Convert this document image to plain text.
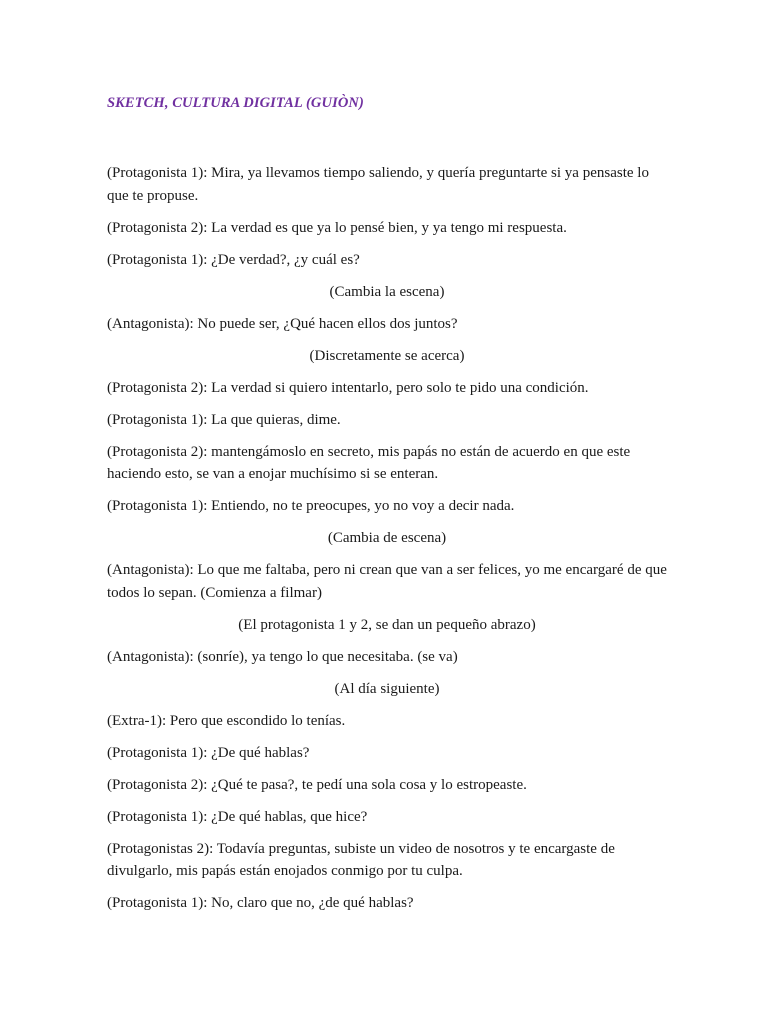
SKETCH, CULTURA DIGITAL (GUIÒN)

(Protagonista 1): Mira, ya llevamos tiempo saliendo, y quería preguntarte si ya pensaste lo que te propuse.

(Protagonista 2): La verdad es que ya lo pensé bien, y ya tengo mi respuesta.

(Protagonista 1): ¿De verdad?, ¿y cuál es?

(Cambia la escena)

(Antagonista): No puede ser, ¿Qué hacen ellos dos juntos?

(Discretamente se acerca)

(Protagonista 2): La verdad si quiero intentarlo, pero solo te pido una condición.

(Protagonista 1): La que quieras, dime.

(Protagonista 2): mantengámoslo en secreto, mis papás no están de acuerdo en que este haciendo esto, se van a enojar muchísimo si se enteran.

(Protagonista 1): Entiendo, no te preocupes, yo no voy a decir nada.

(Cambia de escena)

(Antagonista): Lo que me faltaba, pero ni crean que van a ser felices, yo me encargaré de que todos lo sepan. (Comienza a filmar)

(El protagonista 1 y 2, se dan un pequeño abrazo)

(Antagonista): (sonríe), ya tengo lo que necesitaba. (se va)

(Al día siguiente)

(Extra-1): Pero que escondido lo tenías.

(Protagonista 1): ¿De qué hablas?

(Protagonista 2): ¿Qué te pasa?, te pedí una sola cosa y lo estropeaste.

(Protagonista 1): ¿De qué hablas, que hice?

(Protagonistas 2): Todavía preguntas, subiste un video de nosotros y te encargaste de divulgarlo, mis papás están enojados conmigo por tu culpa.

(Protagonista 1): No, claro que no, ¿de qué hablas?
